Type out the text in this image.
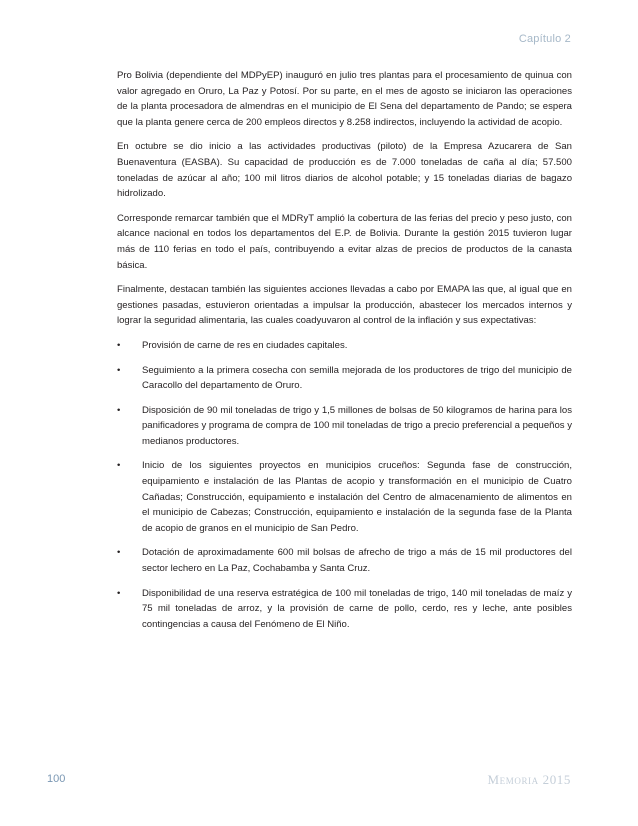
Capítulo 2

Pro Bolivia (dependiente del MDPyEP) inauguró en julio tres plantas para el procesamiento de quinua con valor agregado en Oruro, La Paz y Potosí. Por su parte, en el mes de agosto se iniciaron las operaciones de la planta procesadora de almendras en el municipio de El Sena del departamento de Pando; se espera que la planta genere cerca de 200 empleos directos y 8.258 indirectos, incluyendo la actividad de acopio.

En octubre se dio inicio a las actividades productivas (piloto) de la Empresa Azucarera de San Buenaventura (EASBA). Su capacidad de producción es de 7.000 toneladas de caña al día; 57.500 toneladas de azúcar al año; 100 mil litros diarios de alcohol potable; y 15 toneladas diarias de bagazo hidrolizado.

Corresponde remarcar también que el MDRyT amplió la cobertura de las ferias del precio y peso justo, con alcance nacional en todos los departamentos del E.P. de Bolivia. Durante la gestión 2015 tuvieron lugar más de 110 ferias en todo el país, contribuyendo a evitar alzas de precios de productos de la canasta básica.

Finalmente, destacan también las siguientes acciones llevadas a cabo por EMAPA las que, al igual que en gestiones pasadas, estuvieron orientadas a impulsar la producción, abastecer los mercados internos y lograr la seguridad alimentaria, las cuales coadyuvaron al control de la inflación y sus expectativas:

• Provisión de carne de res en ciudades capitales.
• Seguimiento a la primera cosecha con semilla mejorada de los productores de trigo del municipio de Caracollo del departamento de Oruro.
• Disposición de 90 mil toneladas de trigo y 1,5 millones de bolsas de 50 kilogramos de harina para los panificadores y programa de compra de 100 mil toneladas de trigo a precio preferencial a pequeños y medianos productores.
• Inicio de los siguientes proyectos en municipios cruceños: Segunda fase de construcción, equipamiento e instalación de las Plantas de acopio y transformación en el municipio de Cuatro Cañadas; Construcción, equipamiento e instalación del Centro de almacenamiento de alimentos en el municipio de Cabezas; Construcción, equipamiento e instalación de la segunda fase de la Planta de acopio de granos en el municipio de San Pedro.
• Dotación de aproximadamente 600 mil bolsas de afrecho de trigo a más de 15 mil productores del sector lechero en La Paz, Cochabamba y Santa Cruz.
• Disponibilidad de una reserva estratégica de 100 mil toneladas de trigo, 140 mil toneladas de maíz y 75 mil toneladas de arroz, y la provisión de carne de pollo, cerdo, res y leche, ante posibles contingencias a causa del Fenómeno de El Niño.
100	Memoria 2015
